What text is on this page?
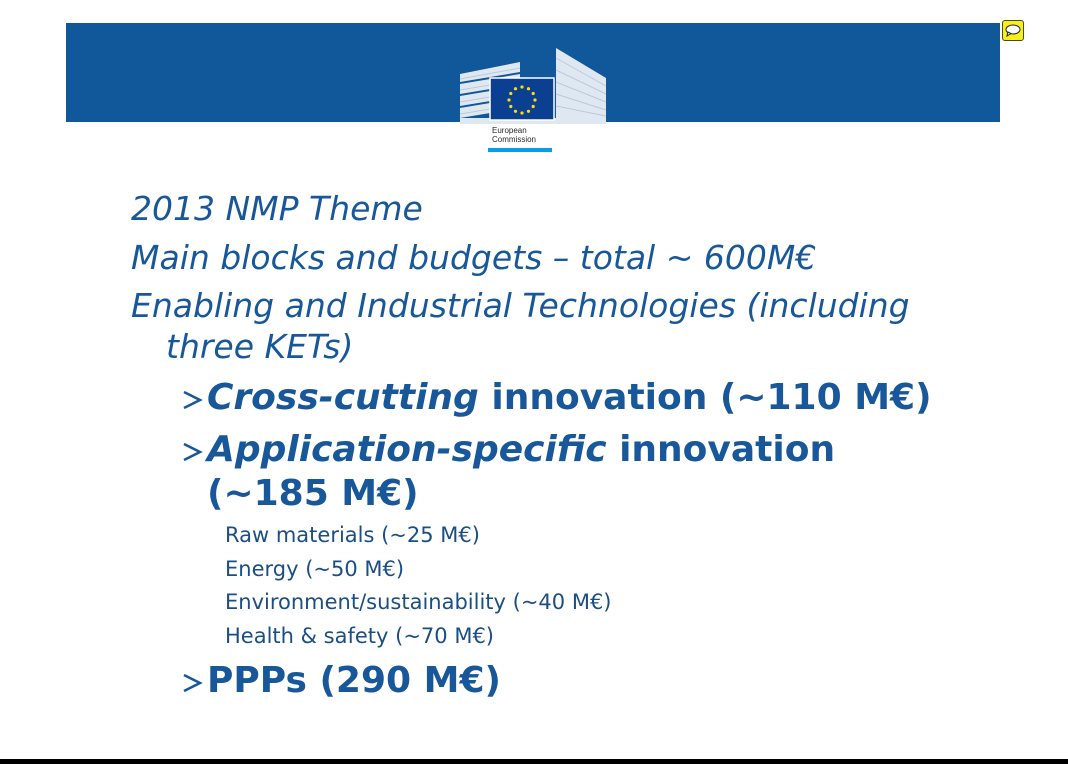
European
Commission
2013 NMP Theme
Main blocks and budgets – total ~ 600M€
Enabling and Industrial Technologies (including
three KETs)
Cross-cutting innovation (~110 M€)
Application-specific innovation
(~185 M€)
Raw materials (~25 M€)
Energy (~50 M€)
Environment/sustainability (~40 M€)
Health & safety (~70 M€)
PPPs (290 M€)
